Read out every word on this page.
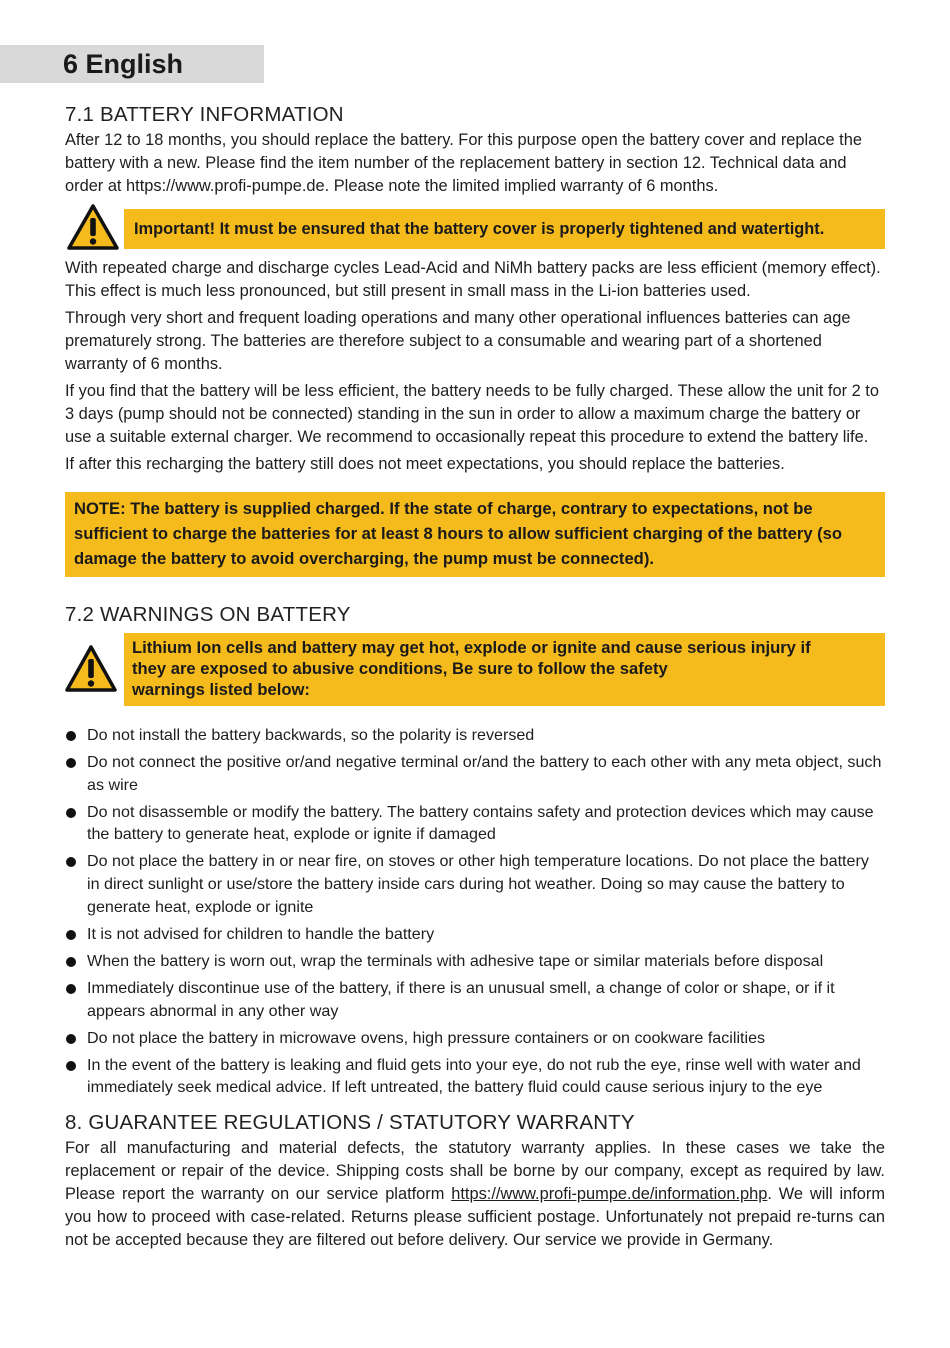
6 English
7.1 BATTERY INFORMATION

After 12 to 18 months, you should replace the battery. For this purpose open the battery cover and replace the battery with a new. Please find the item number of the replacement battery in section 12. Technical data and order at https://www.profi-pumpe.de. Please note the limited implied warranty of 6 months.

Important! It must be ensured that the battery cover is properly tightened and watertight.

With repeated charge and discharge cycles Lead-Acid and NiMh battery packs are less efficient (memory effect). This effect is much less pronounced, but still present in small mass in the Li-ion batteries used.

Through very short and frequent loading operations and many other operational influences batteries can age prematurely strong. The batteries are therefore subject to a consumable and wearing part of a shortened warranty of 6 months.

If you find that the battery will be less efficient, the battery needs to be fully charged. These allow the unit for 2 to 3 days (pump should not be connected) standing in the sun in order to allow a maximum charge the battery or use a suitable external charger. We recommend to occasionally repeat this procedure to extend the battery life.

If after this recharging the battery still does not meet expectations, you should replace the batteries.

NOTE: The battery is supplied charged. If the state of charge, contrary to expectations, not be sufficient to charge the batteries for at least 8 hours to allow sufficient charging of the battery (so damage the battery to avoid overcharging, the pump must be connected).
7.2 WARNINGS ON BATTERY
Lithium Ion cells and battery may get hot, explode or ignite and cause serious injury if
they are exposed to abusive conditions, Be sure to follow the safety
warnings listed below:
Do not install the battery backwards, so the polarity is reversed
Do not connect the positive or/and negative terminal or/and the battery to each other with any meta object, such as wire
Do not disassemble or modify the battery. The battery contains safety and protection devices which may cause the battery to generate heat, explode or ignite if damaged
Do not place the battery in or near fire, on stoves or other high temperature locations. Do not place the battery in direct sunlight or use/store the battery inside cars during hot weather. Doing so may cause the battery to generate heat, explode or ignite
It is not advised for children to handle the battery
When the battery is worn out, wrap the terminals with adhesive tape or similar materials before disposal
Immediately discontinue use of the battery, if there is an unusual smell, a change of color or shape, or if it appears abnormal in any other way
Do not place the battery in microwave ovens, high pressure containers or on cookware facilities
In the event of the battery is leaking and fluid gets into your eye, do not rub the eye, rinse well with water and immediately seek medical advice. If left untreated, the battery fluid could cause serious injury to the eye
8. GUARANTEE REGULATIONS / STATUTORY WARRANTY

For all manufacturing and material defects, the statutory warranty applies. In these cases we take the replacement or repair of the device. Shipping costs shall be borne by our company, except as required by law. Please report the warranty on our service platform https://www.profi-pumpe.de/information.php. We will inform you how to proceed with case-related. Returns please sufficient postage. Unfortunately not prepaid re-turns can not be accepted because they are filtered out before delivery. Our service we provide in Germany.
